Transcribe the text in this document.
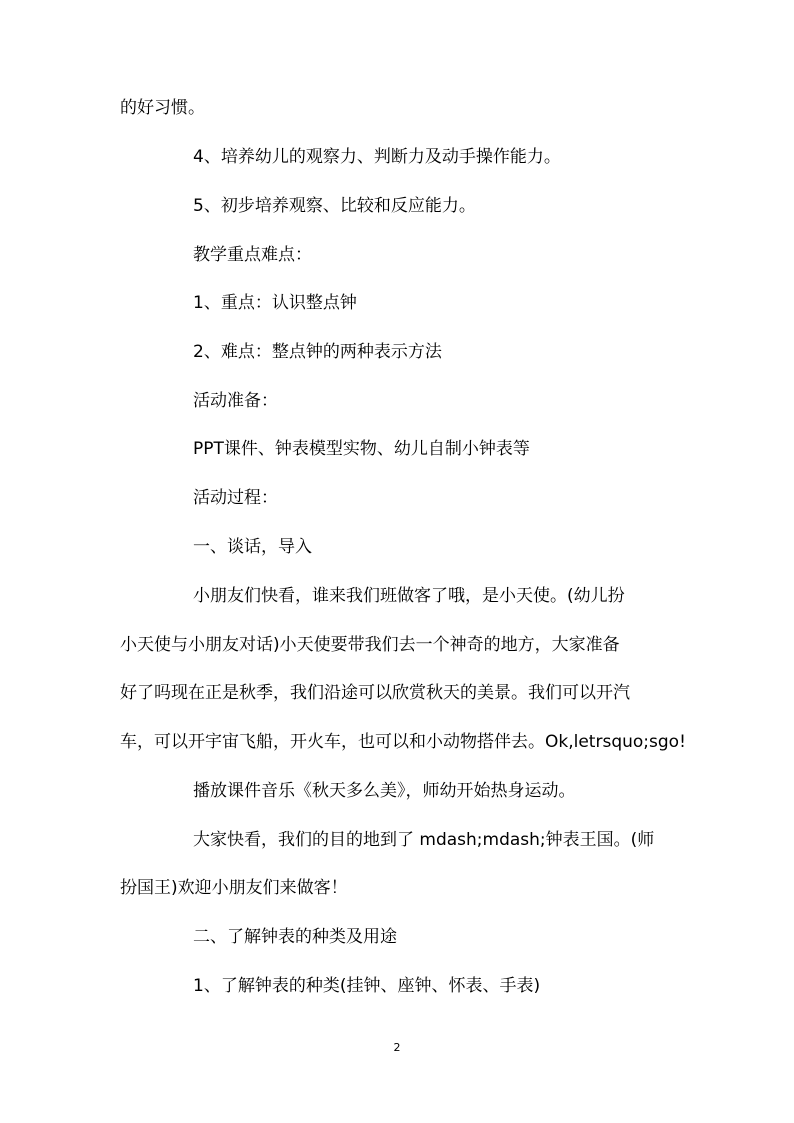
的好习惯。
4、培养幼儿的观察力、判断力及动手操作能力。
5、初步培养观察、比较和反应能力。
教学重点难点：
1、重点：认识整点钟
2、难点：整点钟的两种表示方法
活动准备：
PPT课件、钟表模型实物、幼儿自制小钟表等
活动过程：
一、谈话，导入
小朋友们快看，谁来我们班做客了哦，是小天使。(幼儿扮
小天使与小朋友对话)小天使要带我们去一个神奇的地方，大家准备
好了吗现在正是秋季，我们沿途可以欣赏秋天的美景。我们可以开汽
车，可以开宇宙飞船，开火车，也可以和小动物搭伴去。Ok,letrsquo;sgo!
播放课件音乐《秋天多么美》，师幼开始热身运动。
大家快看，我们的目的地到了 mdash;mdash;钟表王国。(师
扮国王)欢迎小朋友们来做客！
二、了解钟表的种类及用途
1、了解钟表的种类(挂钟、座钟、怀表、手表)
2
